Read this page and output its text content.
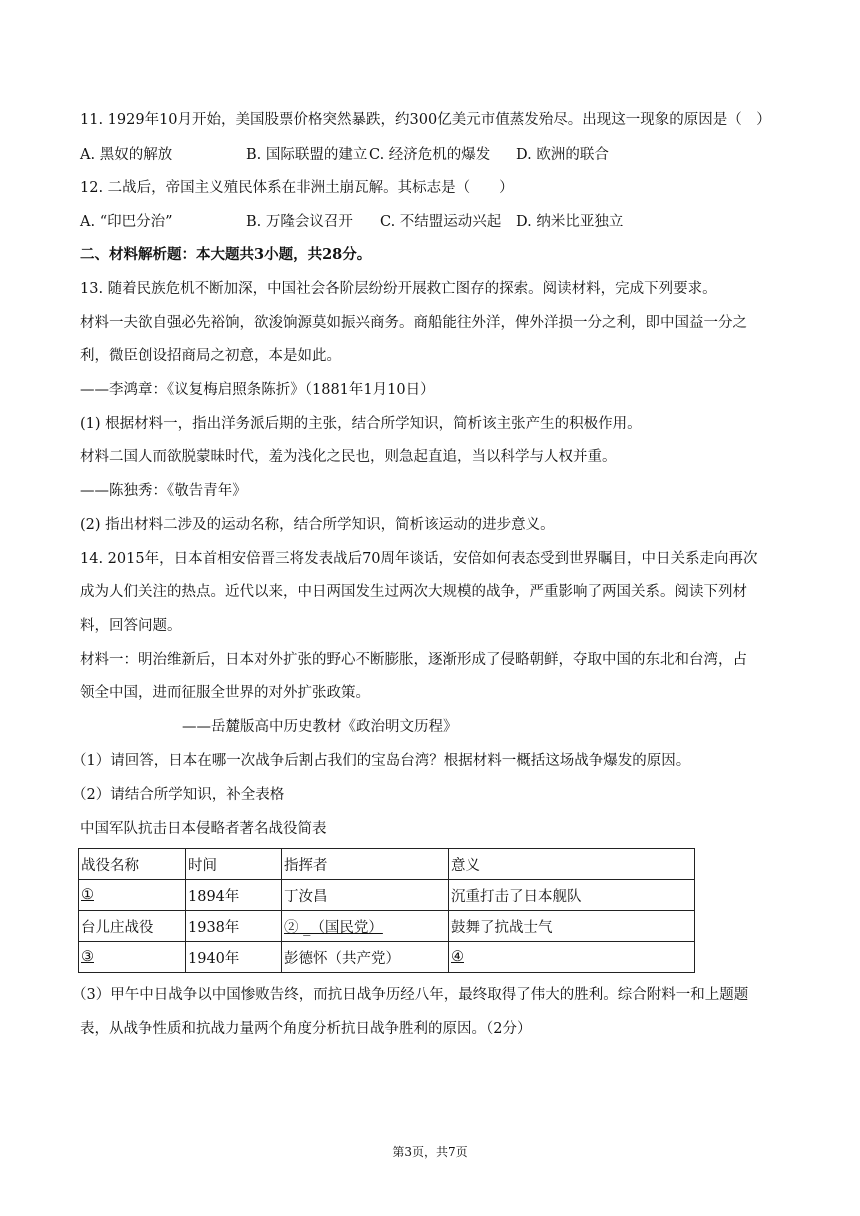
11. 1929年10月开始，美国股票价格突然暴跌，约300亿美元市值蒸发殆尽。出现这一现象的原因是（　）
A. 黑奴的解放	B. 国际联盟的建立 C. 经济危机的爆发 D. 欧洲的联合
12. 二战后，帝国主义殖民体系在非洲土崩瓦解。其标志是（　　）
A. “印巴分治”	B. 万隆会议召开 C. 不结盟运动兴起 D. 纳米比亚独立
二、材料解析题：本大题共3小题，共28分。
13. 随着民族危机不断加深，中国社会各阶层纷纷开展救亡图存的探索。阅读材料，完成下列要求。
材料一夫欲自强必先裕饷，欲浚饷源莫如振兴商务。商船能往外洋，俾外洋损一分之利，即中国益一分之
利，微臣创设招商局之初意，本是如此。
——李鸿章：《议复梅启照条陈折》（1881年1月10日）
(1) 根据材料一，指出洋务派后期的主张，结合所学知识，简析该主张产生的积极作用。
材料二国人而欲脱蒙昧时代，羞为浅化之民也，则急起直追，当以科学与人权并重。
——陈独秀：《敬告青年》
(2) 指出材料二涉及的运动名称，结合所学知识，简析该运动的进步意义。
14. 2015年，日本首相安倍晋三将发表战后70周年谈话，安倍如何表态受到世界瞩目，中日关系走向再次
成为人们关注的热点。近代以来，中日两国发生过两次大规模的战争，严重影响了两国关系。阅读下列材
料，回答问题。
材料一：明治维新后，日本对外扩张的野心不断膨胀，逐渐形成了侵略朝鲜，夺取中国的东北和台湾，占
领全中国，进而征服全世界的对外扩张政策。
——岳麓版高中历史教材《政治明文历程》
（1）请回答，日本在哪一次战争后割占我们的宝岛台湾？根据材料一概括这场战争爆发的原因。
（2）请结合所学知识，补全表格
中国军队抗击日本侵略者著名战役简表
战役名称	时间	指挥者	意义
①	1894年	丁汝昌	沉重打击了日本舰队
台儿庄战役	1938年	② _（国民党）	鼓舞了抗战士气
③	1940年	彭德怀（共产党）	④
（3）甲午中日战争以中国惨败告终，而抗日战争历经八年，最终取得了伟大的胜利。综合附料一和上题题
表，从战争性质和抗战力量两个角度分析抗日战争胜利的原因。（2分）
第3页，共7页
